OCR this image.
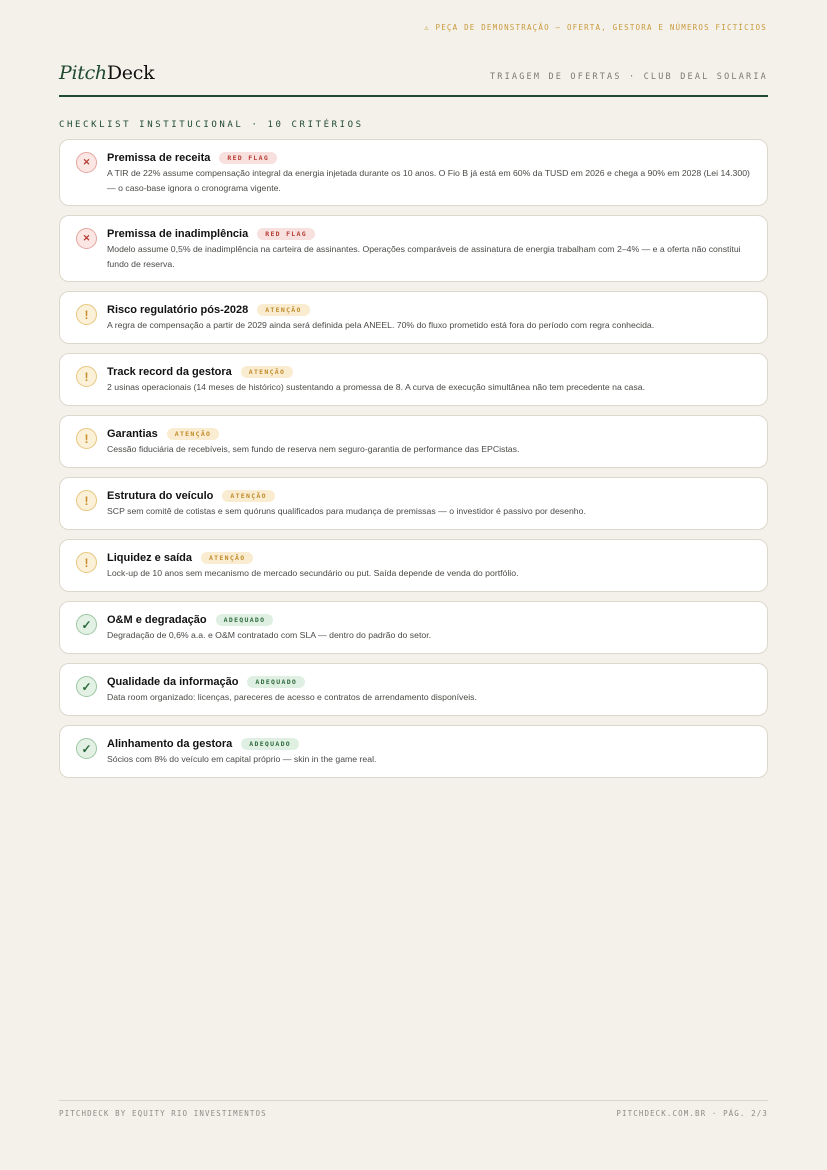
⚠ PEÇA DE DEMONSTRAÇÃO — OFERTA, GESTORA E NÚMEROS FICTÍCIOS
PitchDeck	TRIAGEM DE OFERTAS · CLUB DEAL SOLARIA
CHECKLIST INSTITUCIONAL · 10 CRITÉRIOS
✕	Premissa de receita	RED FLAG
A TIR de 22% assume compensação integral da energia injetada durante os 10 anos. O Fio B já está em 60% da TUSD em 2026 e chega a 90% em 2028 (Lei 14.300) — o caso-base ignora o cronograma vigente.
✕	Premissa de inadimplência	RED FLAG
Modelo assume 0,5% de inadimplência na carteira de assinantes. Operações comparáveis de assinatura de energia trabalham com 2–4% — e a oferta não constitui fundo de reserva.
!	Risco regulatório pós-2028	ATENÇÃO
A regra de compensação a partir de 2029 ainda será definida pela ANEEL. 70% do fluxo prometido está fora do período com regra conhecida.
!	Track record da gestora	ATENÇÃO
2 usinas operacionais (14 meses de histórico) sustentando a promessa de 8. A curva de execução simultânea não tem precedente na casa.
!	Garantias	ATENÇÃO
Cessão fiduciária de recebíveis, sem fundo de reserva nem seguro-garantia de performance das EPCistas.
!	Estrutura do veículo	ATENÇÃO
SCP sem comitê de cotistas e sem quóruns qualificados para mudança de premissas — o investidor é passivo por desenho.
!	Liquidez e saída	ATENÇÃO
Lock-up de 10 anos sem mecanismo de mercado secundário ou put. Saída depende de venda do portfólio.
✓	O&M e degradação	ADEQUADO
Degradação de 0,6% a.a. e O&M contratado com SLA — dentro do padrão do setor.
✓	Qualidade da informação	ADEQUADO
Data room organizado: licenças, pareceres de acesso e contratos de arrendamento disponíveis.
✓	Alinhamento da gestora	ADEQUADO
Sócios com 8% do veículo em capital próprio — skin in the game real.
PITCHDECK BY EQUITY RIO INVESTIMENTOS	PITCHDECK.COM.BR · PÁG. 2/3
